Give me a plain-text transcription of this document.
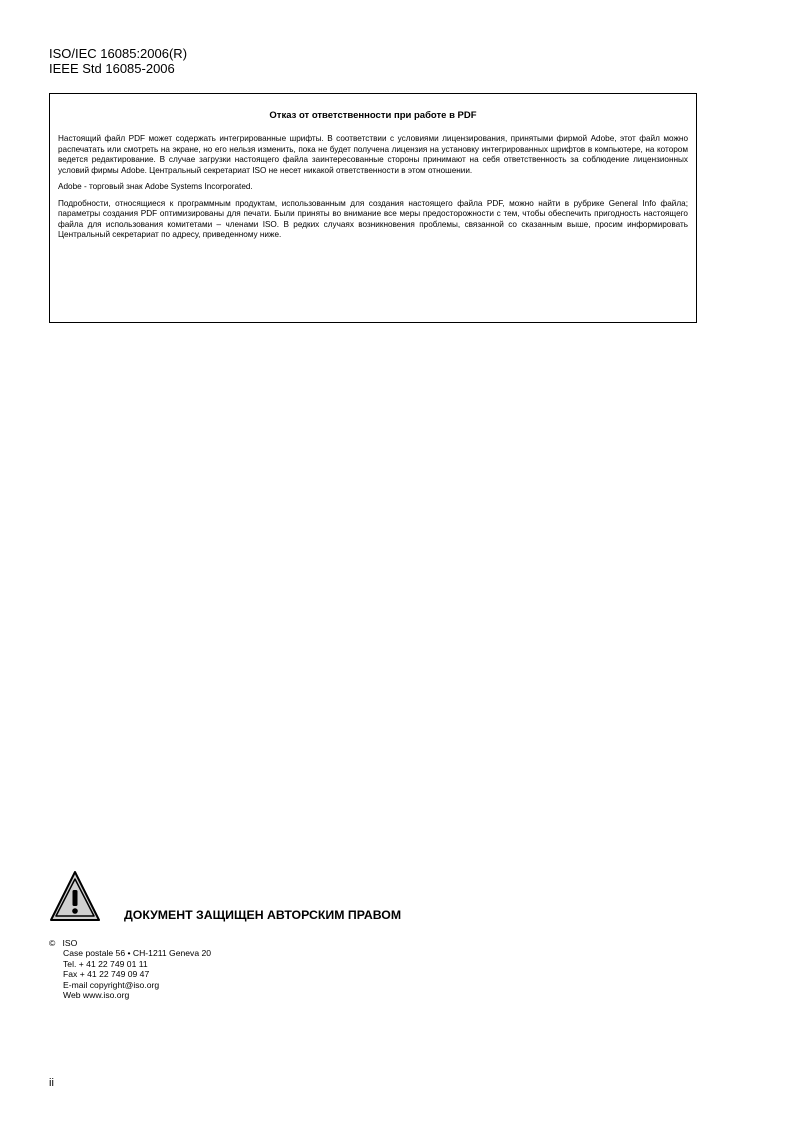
ISO/IEC 16085:2006(R)
IEEE Std 16085-2006
Отказ от ответственности при работе в PDF

Настоящий файл PDF может содержать интегрированные шрифты. В соответствии с условиями лицензирования, принятыми фирмой Adobe, этот файл можно распечатать или смотреть на экране, но его нельзя изменить, пока не будет получена лицензия на установку интегрированных шрифтов в компьютере, на котором ведется редактирование. В случае загрузки настоящего файла заинтересованные стороны принимают на себя ответственность за соблюдение лицензионных условий фирмы Adobe. Центральный секретариат ISO не несет никакой ответственности в этом отношении.

Adobe - торговый знак Adobe Systems Incorporated.

Подробности, относящиеся к программным продуктам, использованным для создания настоящего файла PDF, можно найти в рубрике General Info файла; параметры создания PDF оптимизированы для печати. Были приняты во внимание все меры предосторожности с тем, чтобы обеспечить пригодность настоящего файла для использования комитетами – членами ISO. В редких случаях возникновения проблемы, связанной со сказанным выше, просим информировать Центральный секретариат по адресу, приведенному ниже.

ДОКУМЕНТ ЗАЩИЩЕН АВТОРСКИМ ПРАВОМ
© ISO
Case postale 56 • CH-1211 Geneva 20
Tel. + 41 22 749 01 11
Fax + 41 22 749 09 47
E-mail copyright@iso.org
Web www.iso.org
ii
